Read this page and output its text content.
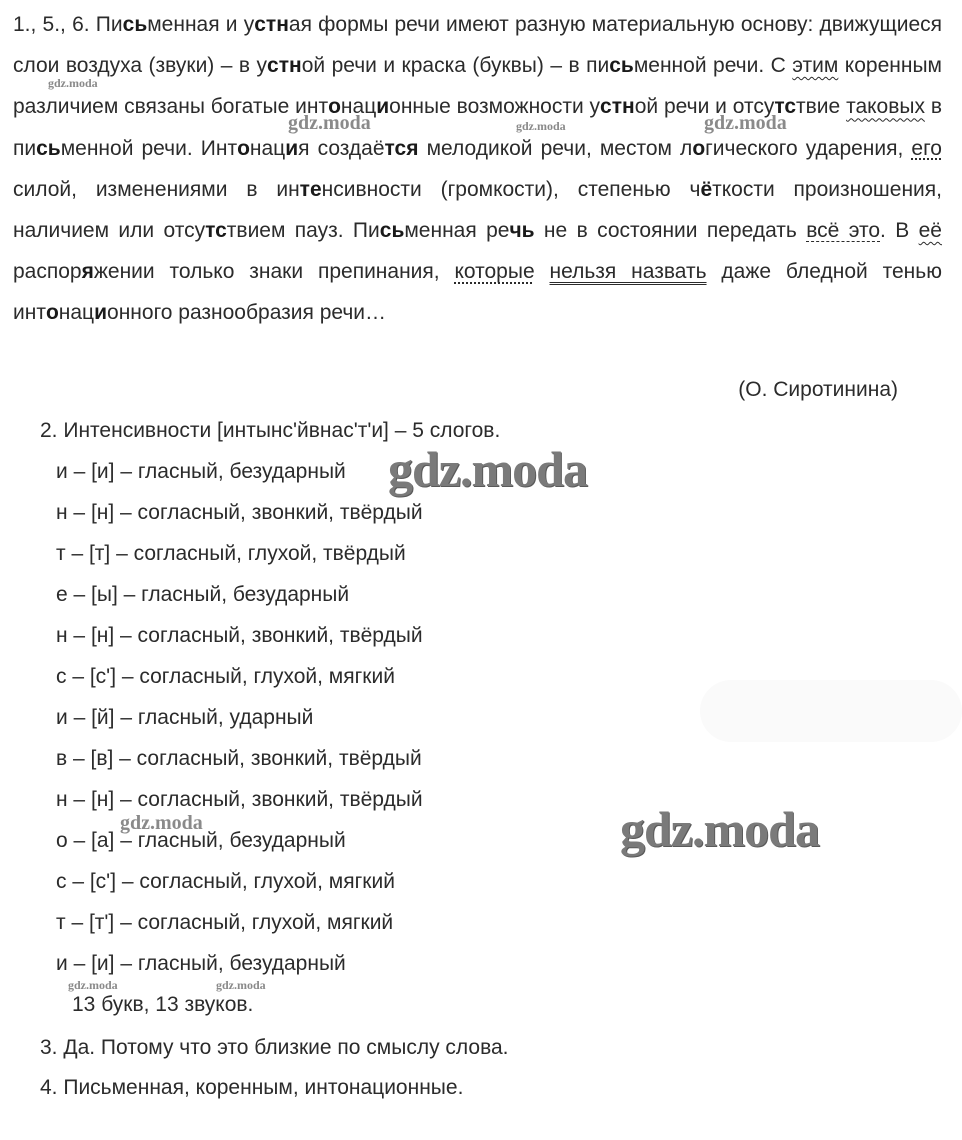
1., 5., 6. Письменная и устная формы речи имеют разную материальную основу: движущиеся слои воздуха (звуки) – в устной речи и краска (буквы) – в письменной речи. С этим коренным различием связаны богатые интонационные возможности устной речи и отсутствие таковых в письменной речи. Интонация создаётся мелодикой речи, местом логического ударения, его силой, изменениями в интенсивности (громкости), степенью чёткости произношения, наличием или отсутствием пауз. Письменная речь не в состоянии передать всё это. В её распоряжении только знаки препинания, которые нельзя назвать даже бледной тенью интонационного разнообразия речи…
(О. Сиротинина)
2. Интенсивности [интынс'йвнас'т'и] – 5 слогов.
и – [и] – гласный, безударный
н – [н] – согласный, звонкий, твёрдый
т – [т] – согласный, глухой, твёрдый
е – [ы] – гласный, безударный
н – [н] – согласный, звонкий, твёрдый
с – [с'] – согласный, глухой, мягкий
и – [й] – гласный, ударный
в – [в] – согласный, звонкий, твёрдый
н – [н] – согласный, звонкий, твёрдый
о – [а] – гласный, безударный
с – [с'] – согласный, глухой, мягкий
т – [т'] – согласный, глухой, мягкий
и – [и] – гласный, безударный
13 букв, 13 звуков.
3. Да. Потому что это близкие по смыслу слова.
4. Письменная, коренным, интонационные.
gdz.moda
gdz.moda	gdz.moda	gdz.moda
gdz.moda
gdz.moda
gdz.moda
gdz.moda	gdz.moda
